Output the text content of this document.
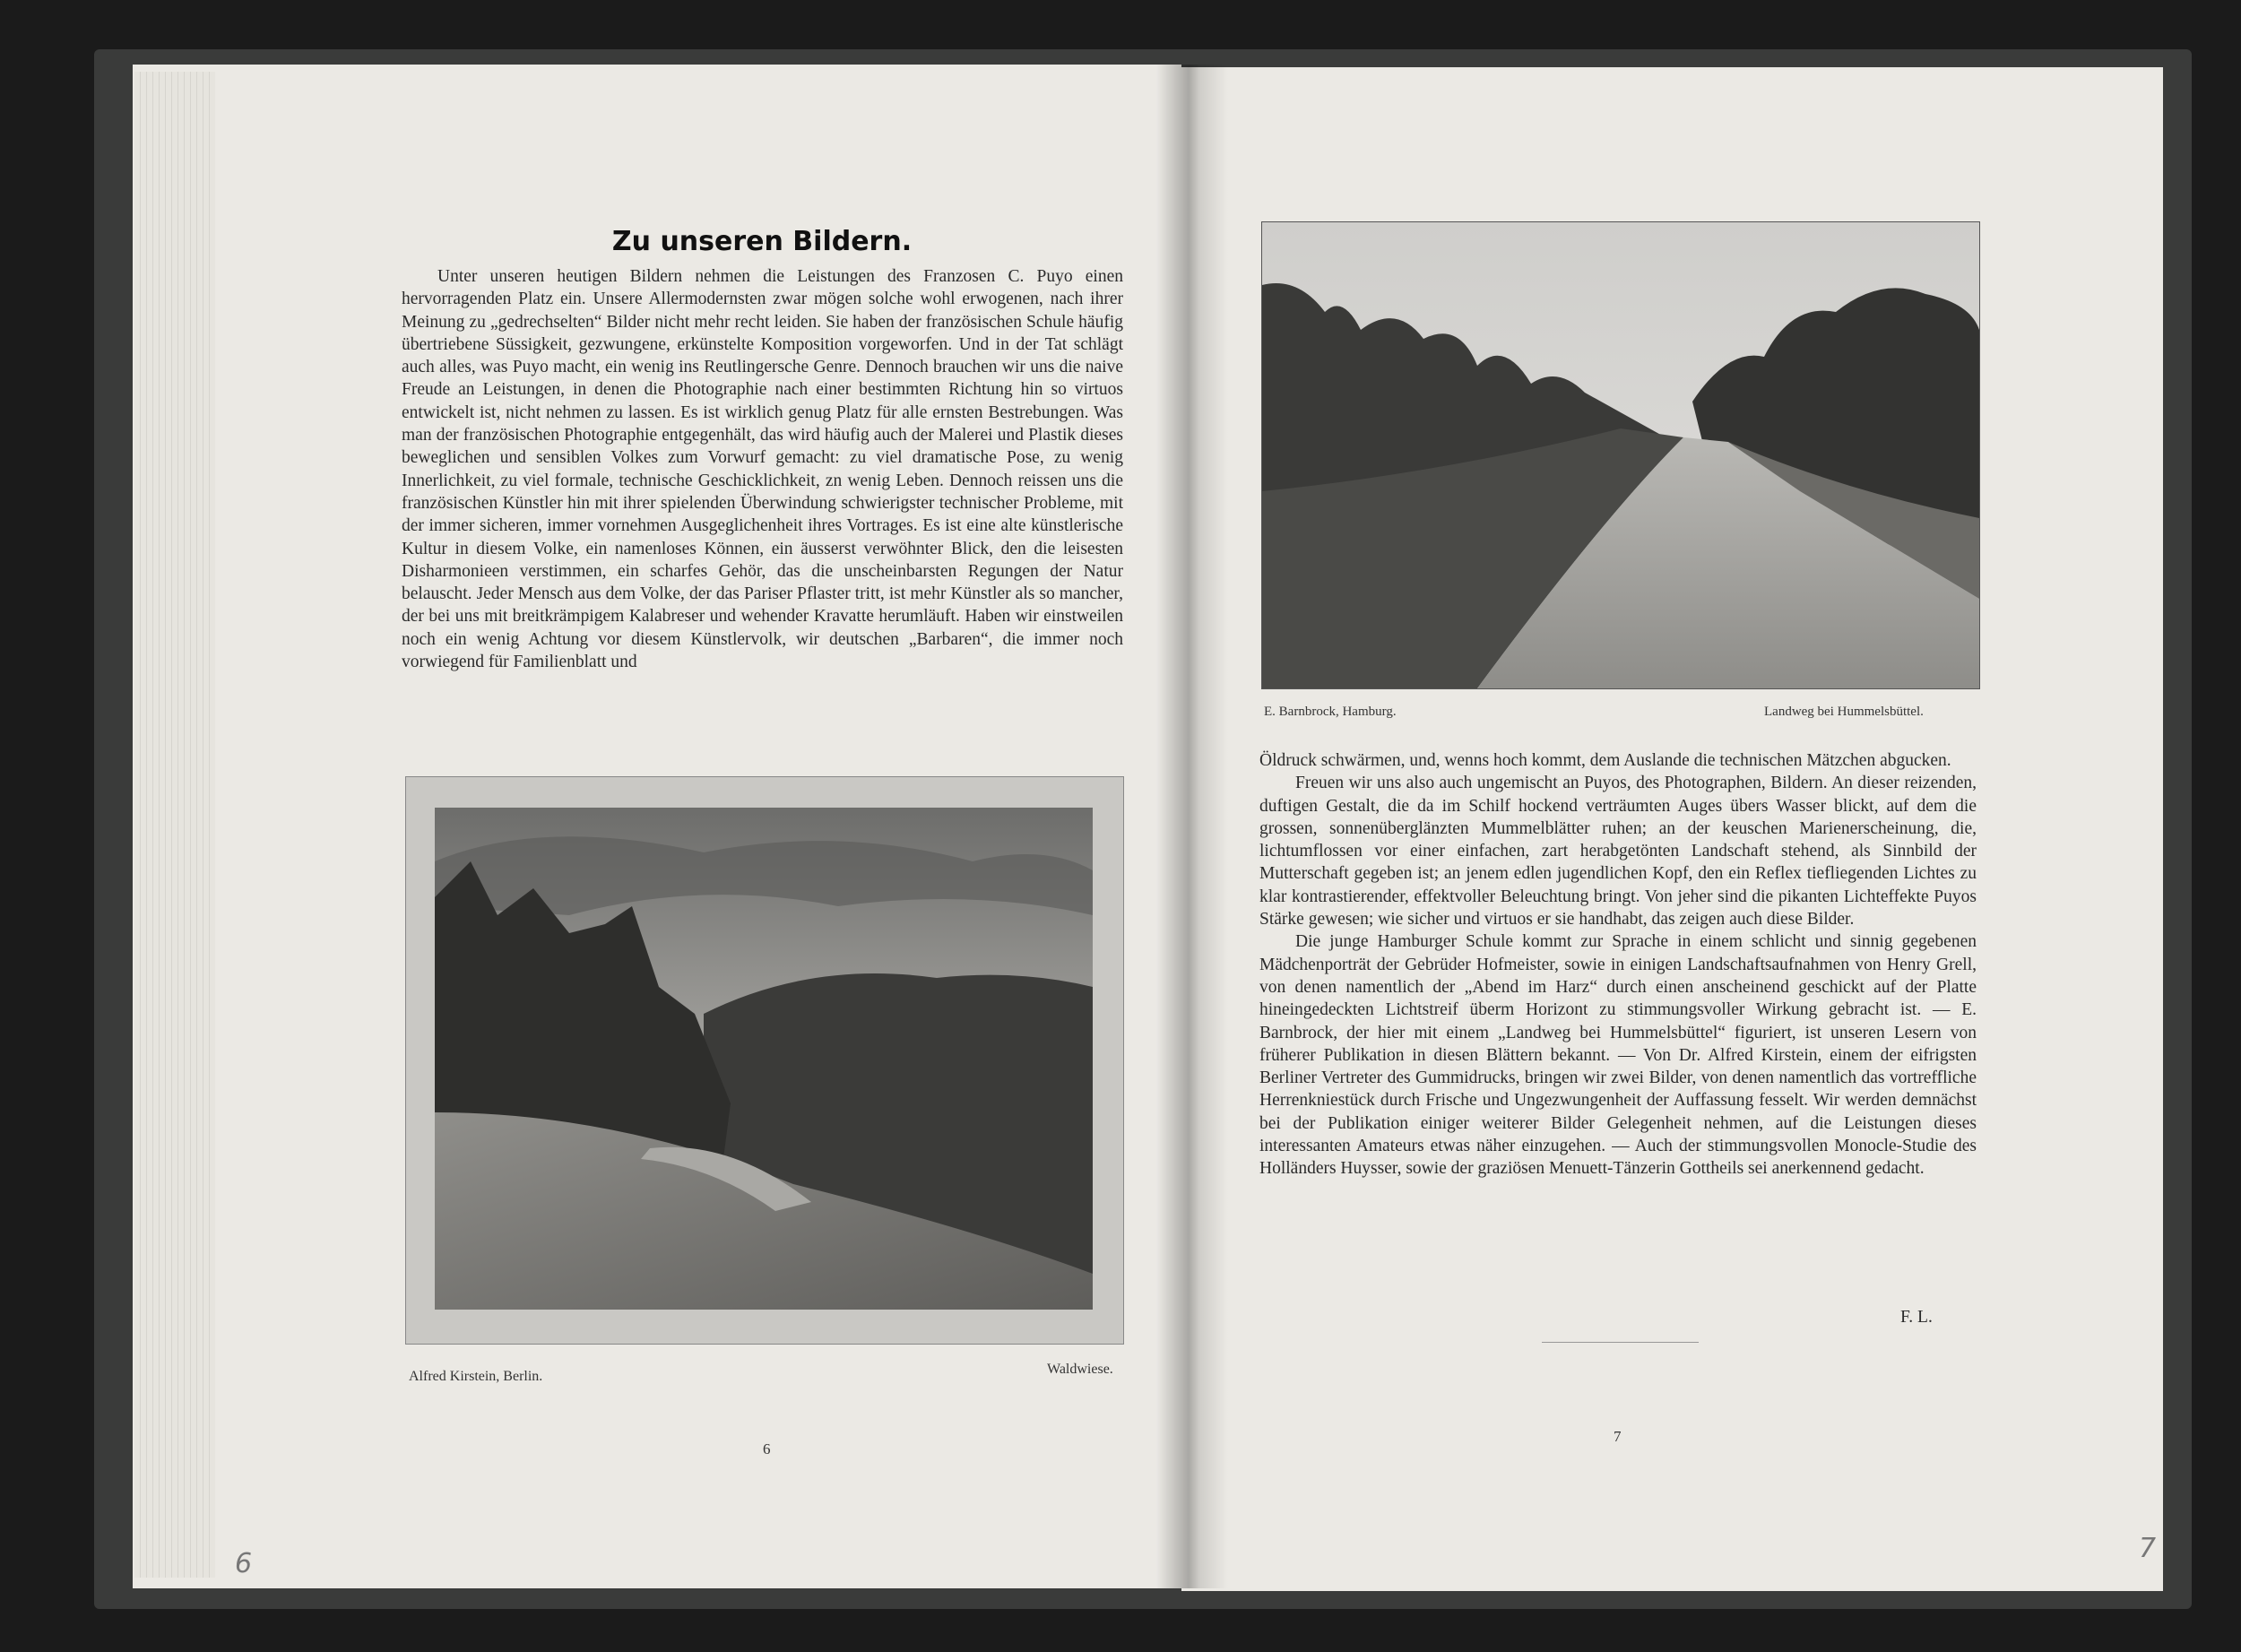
Zu unseren Bildern.

Unter unseren heutigen Bildern nehmen die Leistungen des Franzosen C. Puyo einen hervorragenden Platz ein. Unsere Allermodernsten zwar mögen solche wohl erwogenen, nach ihrer Meinung zu „gedrechselten“ Bilder nicht mehr recht leiden. Sie haben der französischen Schule häufig übertriebene Süssigkeit, gezwungene, erkünstelte Komposition vorgeworfen. Und in der Tat schlägt auch alles, was Puyo macht, ein wenig ins Reutlingersche Genre. Dennoch brauchen wir uns die naive Freude an Leistungen, in denen die Photographie nach einer bestimmten Richtung hin so virtuos entwickelt ist, nicht nehmen zu lassen. Es ist wirklich genug Platz für alle ernsten Bestrebungen. Was man der französischen Photographie entgegenhält, das wird häufig auch der Malerei und Plastik dieses beweglichen und sensiblen Volkes zum Vorwurf gemacht: zu viel dramatische Pose, zu wenig Innerlichkeit, zu viel formale, technische Geschicklichkeit, zn wenig Leben. Dennoch reissen uns die französischen Künstler hin mit ihrer spielenden Überwindung schwierigster technischer Probleme, mit der immer sicheren, immer vornehmen Ausgeglichenheit ihres Vortrages. Es ist eine alte künstlerische Kultur in diesem Volke, ein namenloses Können, ein äusserst verwöhnter Blick, den die leisesten Disharmonieen verstimmen, ein scharfes Gehör, das die unscheinbarsten Regungen der Natur belauscht. Jeder Mensch aus dem Volke, der das Pariser Pflaster tritt, ist mehr Künstler als so mancher, der bei uns mit breitkrämpigem Kalabreser und wehender Kravatte herumläuft. Haben wir einstweilen noch ein wenig Achtung vor diesem Künstlervolk, wir deutschen „Barbaren“, die immer noch vorwiegend für Familienblatt und

Alfred Kirstein, Berlin.	Waldwiese.
6
6
E. Barnbrock, Hamburg.	Landweg bei Hummelsbüttel.

Öldruck schwärmen, und, wenns hoch kommt, dem Auslande die technischen Mätzchen abgucken.

Freuen wir uns also auch ungemischt an Puyos, des Photographen, Bildern. An dieser reizenden, duftigen Gestalt, die da im Schilf hockend verträumten Auges übers Wasser blickt, auf dem die grossen, sonnenüberglänzten Mummelblätter ruhen; an der keuschen Marienerscheinung, die, lichtumflossen vor einer einfachen, zart herabgetönten Landschaft stehend, als Sinnbild der Mutterschaft gegeben ist; an jenem edlen jugendlichen Kopf, den ein Reflex tiefliegenden Lichtes zu klar kontrastierender, effektvoller Beleuchtung bringt. Von jeher sind die pikanten Lichteffekte Puyos Stärke gewesen; wie sicher und virtuos er sie handhabt, das zeigen auch diese Bilder.

Die junge Hamburger Schule kommt zur Sprache in einem schlicht und sinnig gegebenen Mädchenporträt der Gebrüder Hofmeister, sowie in einigen Landschaftsaufnahmen von Henry Grell, von denen namentlich der „Abend im Harz“ durch einen anscheinend geschickt auf der Platte hineingedeckten Lichtstreif überm Horizont zu stimmungsvoller Wirkung gebracht ist. — E. Barnbrock, der hier mit einem „Landweg bei Hummelsbüttel“ figuriert, ist unseren Lesern von früherer Publikation in diesen Blättern bekannt. — Von Dr. Alfred Kirstein, einem der eifrigsten Berliner Vertreter des Gummidrucks, bringen wir zwei Bilder, von denen namentlich das vortreffliche Herrenkniestück durch Frische und Ungezwungenheit der Auffassung fesselt. Wir werden demnächst bei der Publikation einiger weiterer Bilder Gelegenheit nehmen, auf die Leistungen dieses interessanten Amateurs etwas näher einzugehen. — Auch der stimmungsvollen Monocle-Studie des Holländers Huysser, sowie der graziösen Menuett-Tänzerin Gottheils sei anerkennend gedacht.

F. L.
7
7
